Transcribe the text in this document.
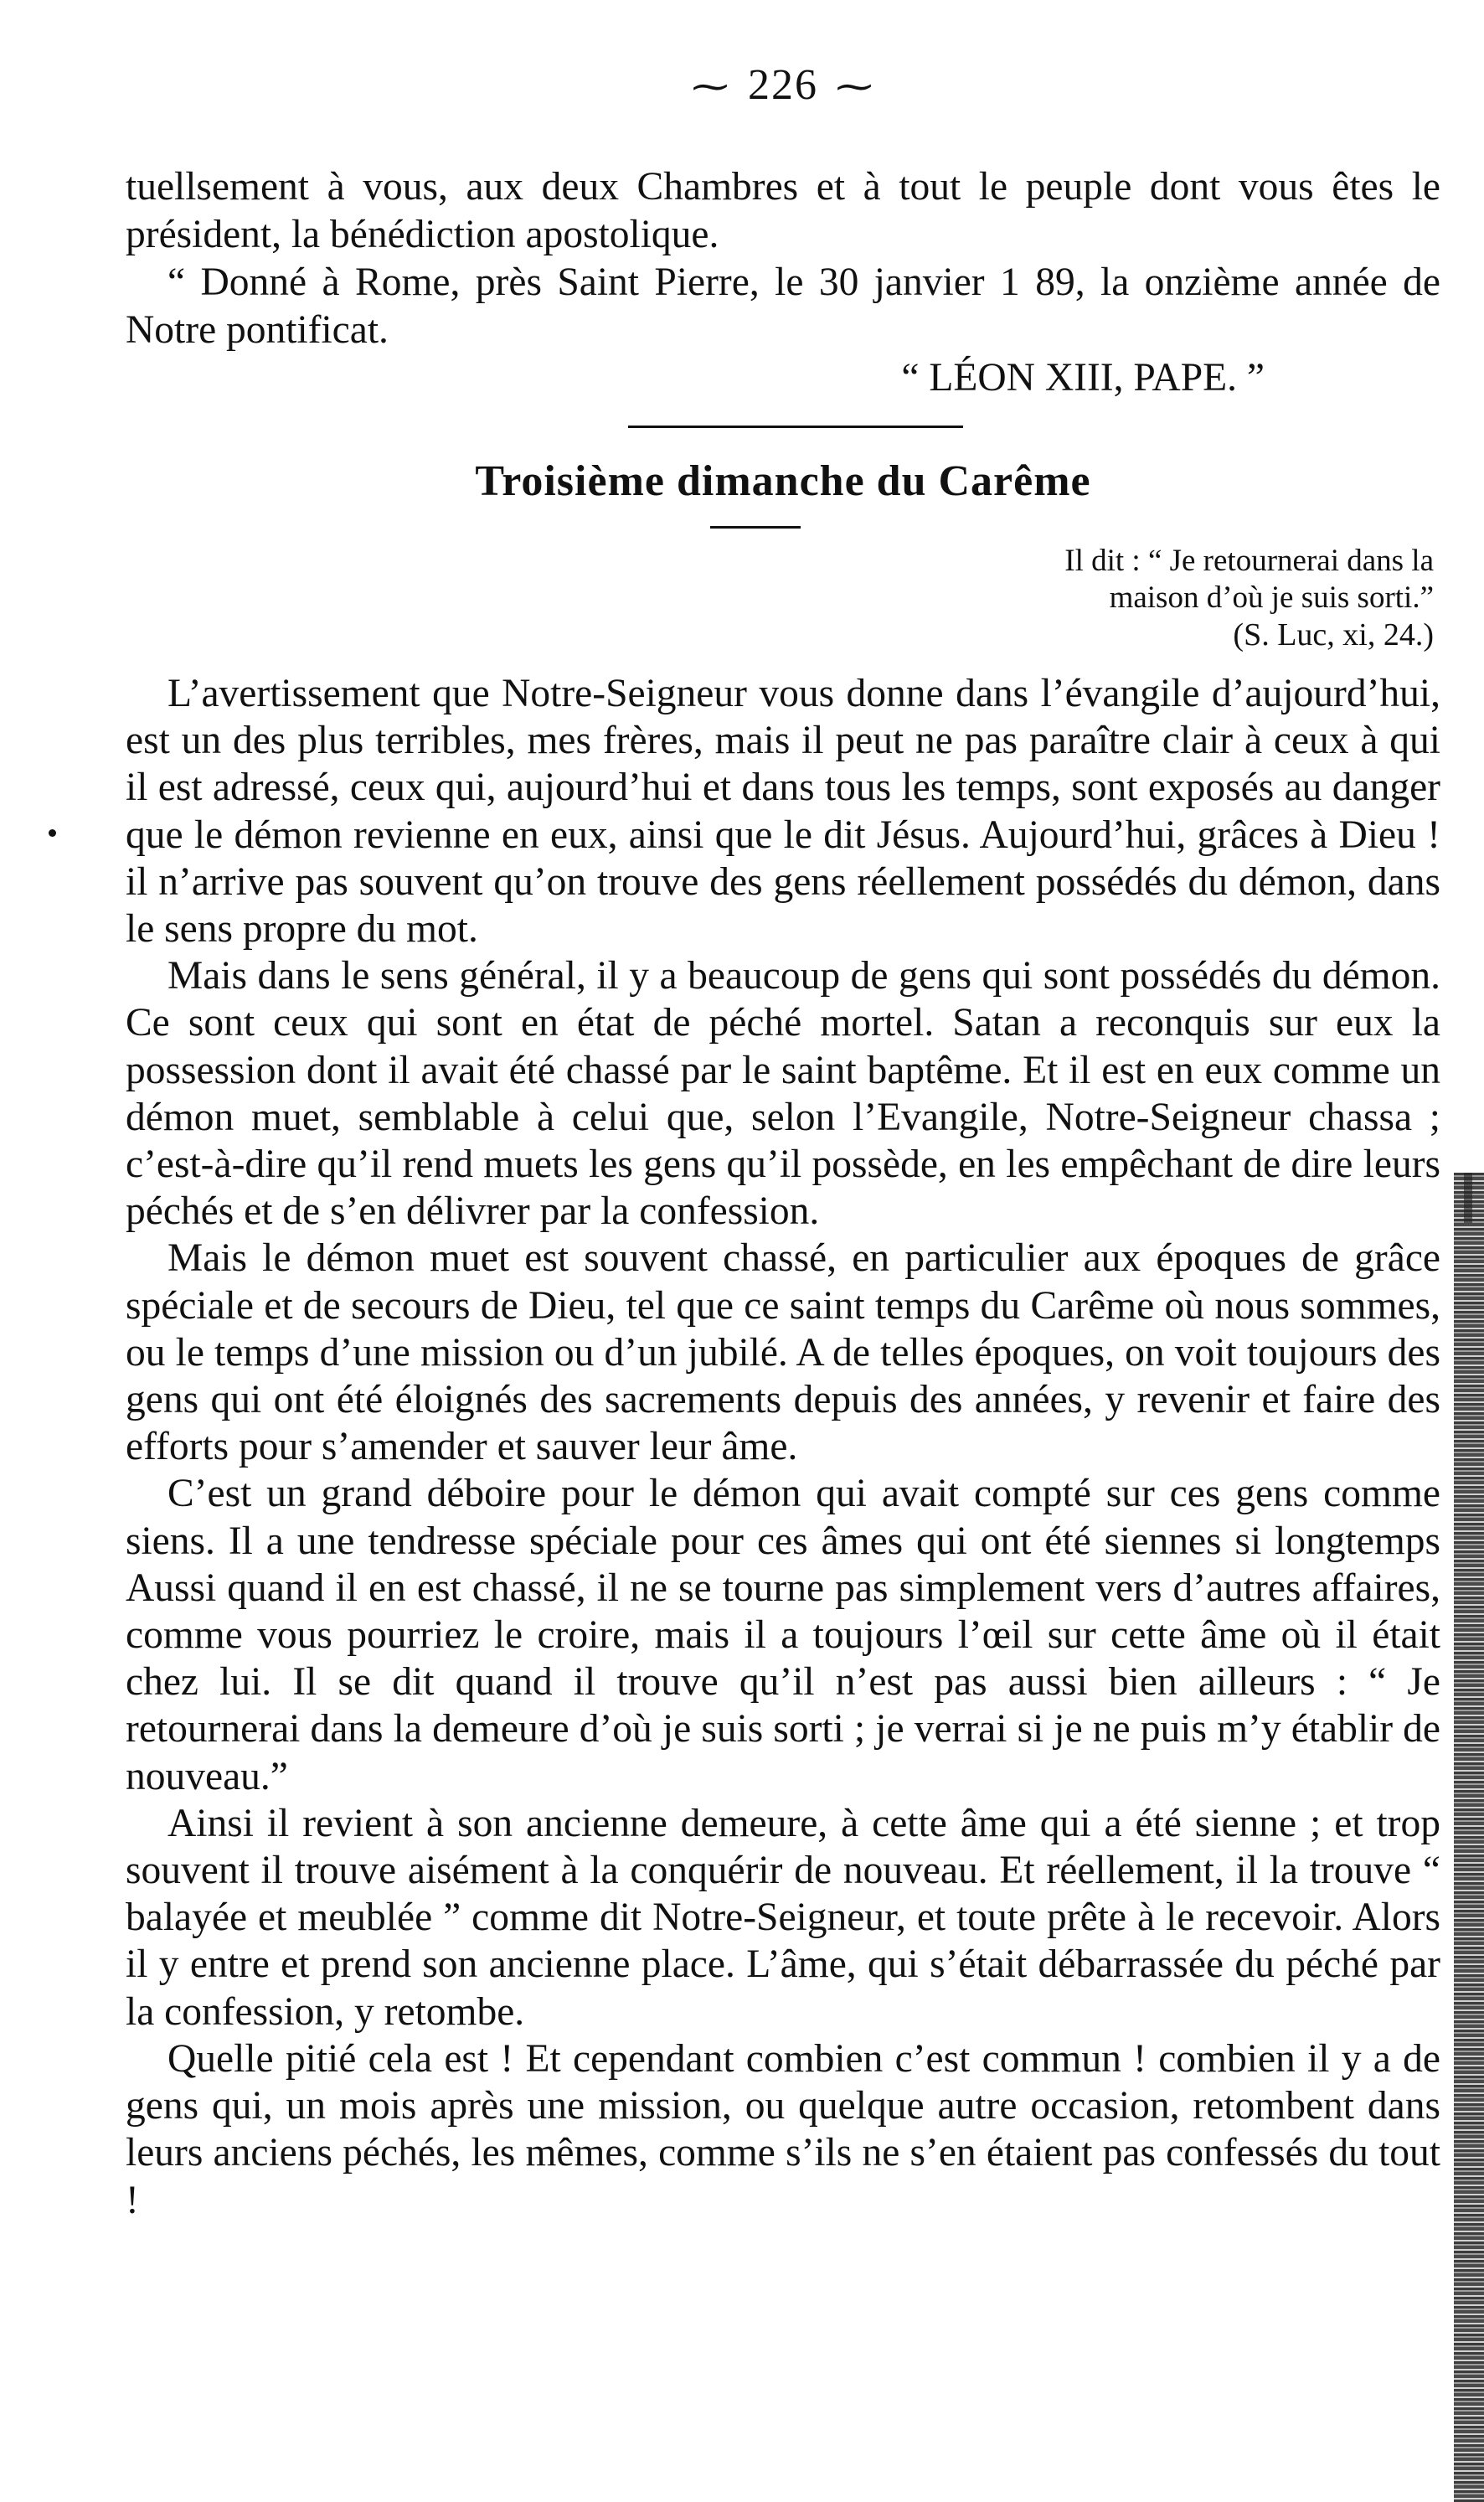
⁓ 226 ⁓

tuellsement à vous, aux deux Chambres et à tout le peuple dont vous êtes le président, la bénédiction apostolique.

“ Donné à Rome, près Saint Pierre, le 30 janvier 1 89, la onzième année de Notre pontificat.

“ LÉON XIII, PAPE. ”

Troisième dimanche du Carême

Il dit : “ Je retournerai dans la

maison d’où je suis sorti.”

(S. Luc, xi, 24.)

L’avertissement que Notre-Seigneur vous donne dans l’évangile d’aujourd’hui, est un des plus terribles, mes frères, mais il peut ne pas paraître clair à ceux à qui il est adressé, ceux qui, aujourd’hui et dans tous les temps, sont exposés au danger que le démon revienne en eux, ainsi que le dit Jésus. Aujourd’hui, grâces à Dieu ! il n’arrive pas souvent qu’on trouve des gens réellement possédés du démon, dans le sens propre du mot.

Mais dans le sens général, il y a beaucoup de gens qui sont possédés du démon. Ce sont ceux qui sont en état de péché mortel. Satan a reconquis sur eux la possession dont il avait été chassé par le saint baptême. Et il est en eux comme un démon muet, semblable à celui que, selon l’Evangile, Notre-Seigneur chassa ; c’est-à-dire qu’il rend muets les gens qu’il possède, en les empêchant de dire leurs péchés et de s’en délivrer par la confession.

Mais le démon muet est souvent chassé, en particulier aux époques de grâce spéciale et de secours de Dieu, tel que ce saint temps du Carême où nous sommes, ou le temps d’une mission ou d’un jubilé. A de telles époques, on voit toujours des gens qui ont été éloignés des sacrements depuis des années, y revenir et faire des efforts pour s’amender et sauver leur âme.

C’est un grand déboire pour le démon qui avait compté sur ces gens comme siens. Il a une tendresse spéciale pour ces âmes qui ont été siennes si longtemps Aussi quand il en est chassé, il ne se tourne pas simplement vers d’autres affaires, comme vous pourriez le croire, mais il a toujours l’œil sur cette âme où il était chez lui. Il se dit quand il trouve qu’il n’est pas aussi bien ailleurs : “ Je retournerai dans la demeure d’où je suis sorti ; je verrai si je ne puis m’y établir de nouveau.”

Ainsi il revient à son ancienne demeure, à cette âme qui a été sienne ; et trop souvent il trouve aisément à la conquérir de nouveau. Et réellement, il la trouve “ balayée et meublée ” comme dit Notre-Seigneur, et toute prête à le recevoir. Alors il y entre et prend son ancienne place. L’âme, qui s’était débarrassée du péché par la confession, y retombe.

Quelle pitié cela est ! Et cependant combien c’est commun ! combien il y a de gens qui, un mois après une mission, ou quelque autre occasion, retombent dans leurs anciens péchés, les mêmes, comme s’ils ne s’en étaient pas confessés du tout !
